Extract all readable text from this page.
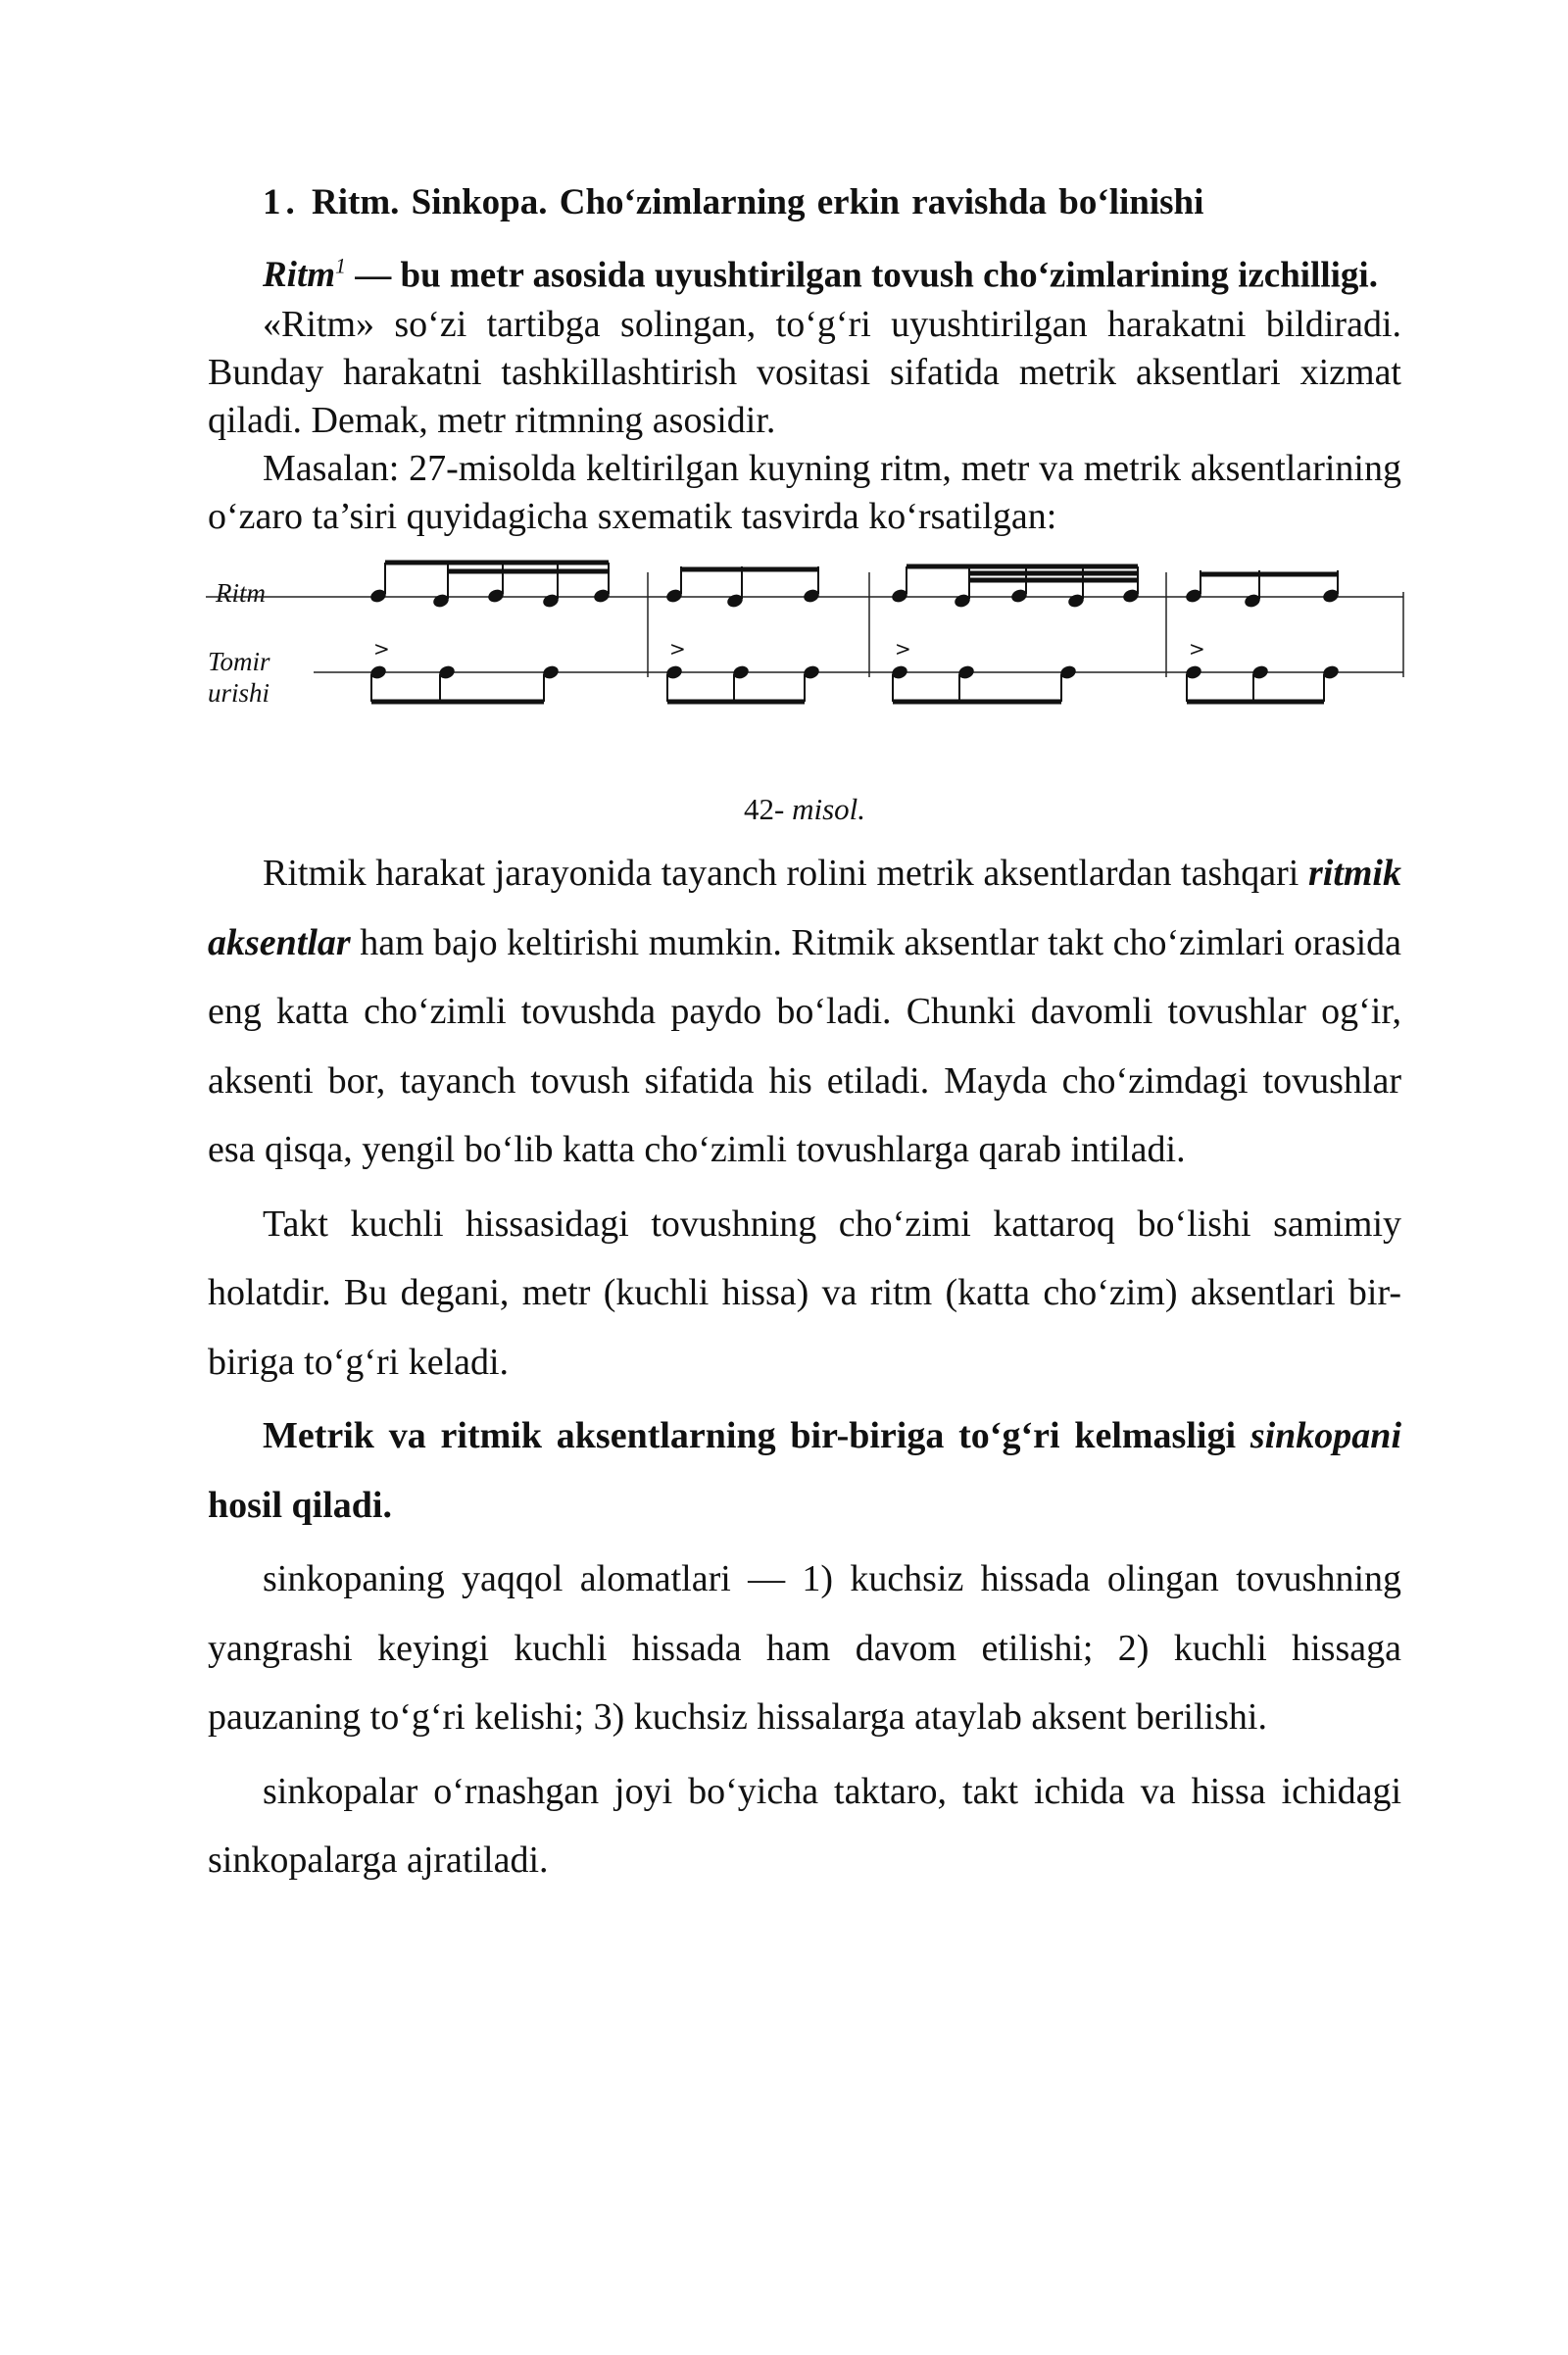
1. Ritm. Sinkopa. Cho‘zimlarning erkin ravishda bo‘linishi

Ritm$^1$ — bu metr asosida uyushtirilgan tovush cho‘zimlarining izchilligi.

«Ritm» so‘zi tartibga solingan, to‘g‘ri uyushtirilgan harakatni bildiradi. Bunday harakatni tashkillashtirish vositasi sifatida metrik aksentlari xizmat qiladi. Demak, metr ritmning asosidir.

Masalan: 27-misolda keltirilgan kuyning ritm, metr va metrik aksentlarining o‘zaro ta’siri quyidagicha sxematik tasvirda ko‘rsatilgan:

Ritm
Tomir
urishi
>	>	>	>

42- misol.

Ritmik harakat jarayonida tayanch rolini metrik aksentlardan tashqari ritmik aksentlar ham bajo keltirishi mumkin. Ritmik aksentlar takt cho‘zimlari orasida eng katta cho‘zimli tovushda paydo bo‘ladi. Chunki davomli tovushlar og‘ir, aksenti bor, tayanch tovush sifatida his etiladi. Mayda cho‘zimdagi tovushlar esa qisqa, yengil bo‘lib katta cho‘zimli tovushlarga qarab intiladi.

Takt kuchli hissasidagi tovushning cho‘zimi kattaroq bo‘lishi samimiy holatdir. Bu degani, metr (kuchli hissa) va ritm (katta cho‘zim) aksentlari bir-biriga to‘g‘ri keladi.

Metrik va ritmik aksentlarning bir-biriga to‘g‘ri kelmasligi sinkopani hosil qiladi.

sinkopaning yaqqol alomatlari — 1) kuchsiz hissada olingan tovushning yangrashi keyingi kuchli hissada ham davom etilishi; 2) kuchli hissaga pauzaning to‘g‘ri kelishi; 3) kuchsiz hissalarga ataylab aksent berilishi.

sinkopalar o‘rnashgan joyi bo‘yicha taktaro, takt ichida va hissa ichidagi sinkopalarga ajratiladi.
